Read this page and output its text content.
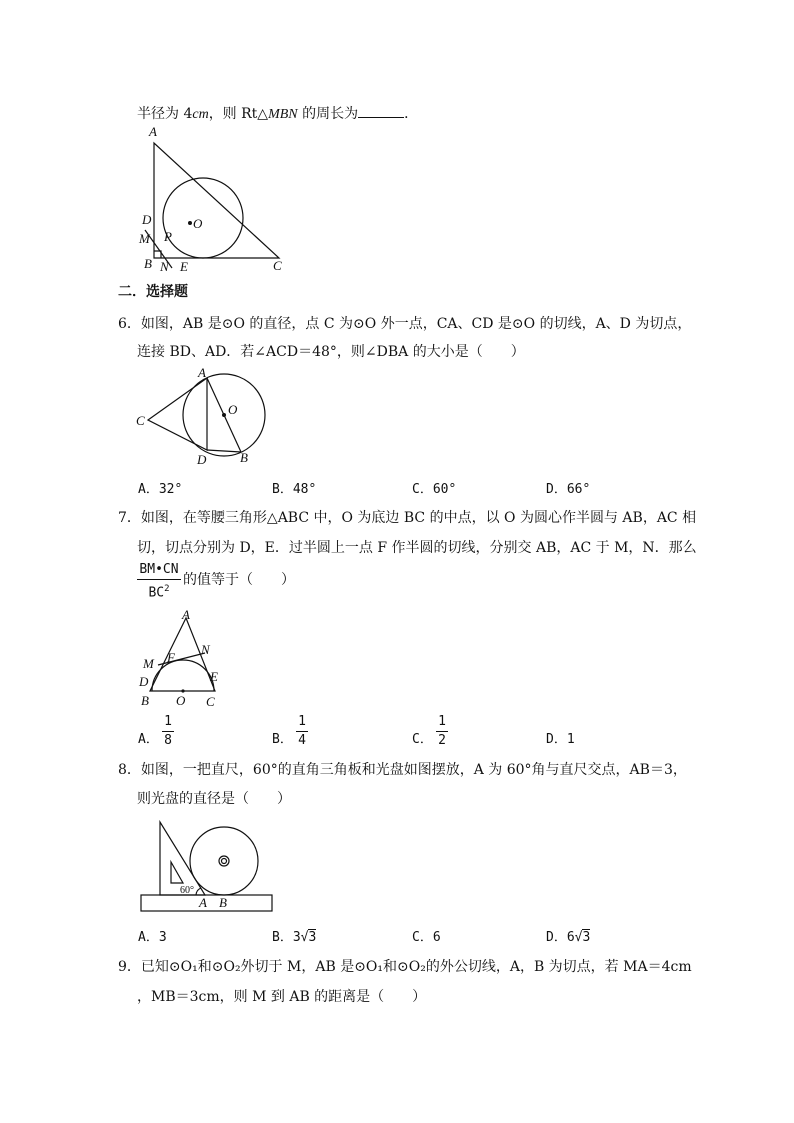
半径为 4cm，则 Rt△MBN 的周长为	．
A
D	O
M P
B N E	C
二．选择题
6．如图，AB 是⊙O 的直径，点 C 为⊙O 外一点，CA、CD 是⊙O 的切线，A、D 为切点，
连接 BD、AD．若∠ACD＝48°，则∠DBA 的大小是（　　）
A
O
C
D	B
A．32°	B．48°	C．60°	D．66°
7．如图，在等腰三角形△ABC 中，O 为底边 BC 的中点，以 O 为圆心作半圆与 AB，AC 相
切，切点分别为 D，E．过半圆上一点 F 作半圆的切线，分别交 AB，AC 于 M，N．那么
BM•CN
$BC^2$
的值等于（　　）
A
N
M F
D	E
B O C
A．
1
8	B．
1
4	C．
1
2	D．1
8．如图，一把直尺，60°的直角三角板和光盘如图摆放，A 为 60°角与直尺交点，AB＝3，
则光盘的直径是（　　）
60°
A B
A．3	B．3√3	C．6	D．6√3
9．已知⊙O₁和⊙O₂外切于 M，AB 是⊙O₁和⊙O₂的外公切线，A，B 为切点，若 MA＝4cm
，MB＝3cm，则 M 到 AB 的距离是（　　）
